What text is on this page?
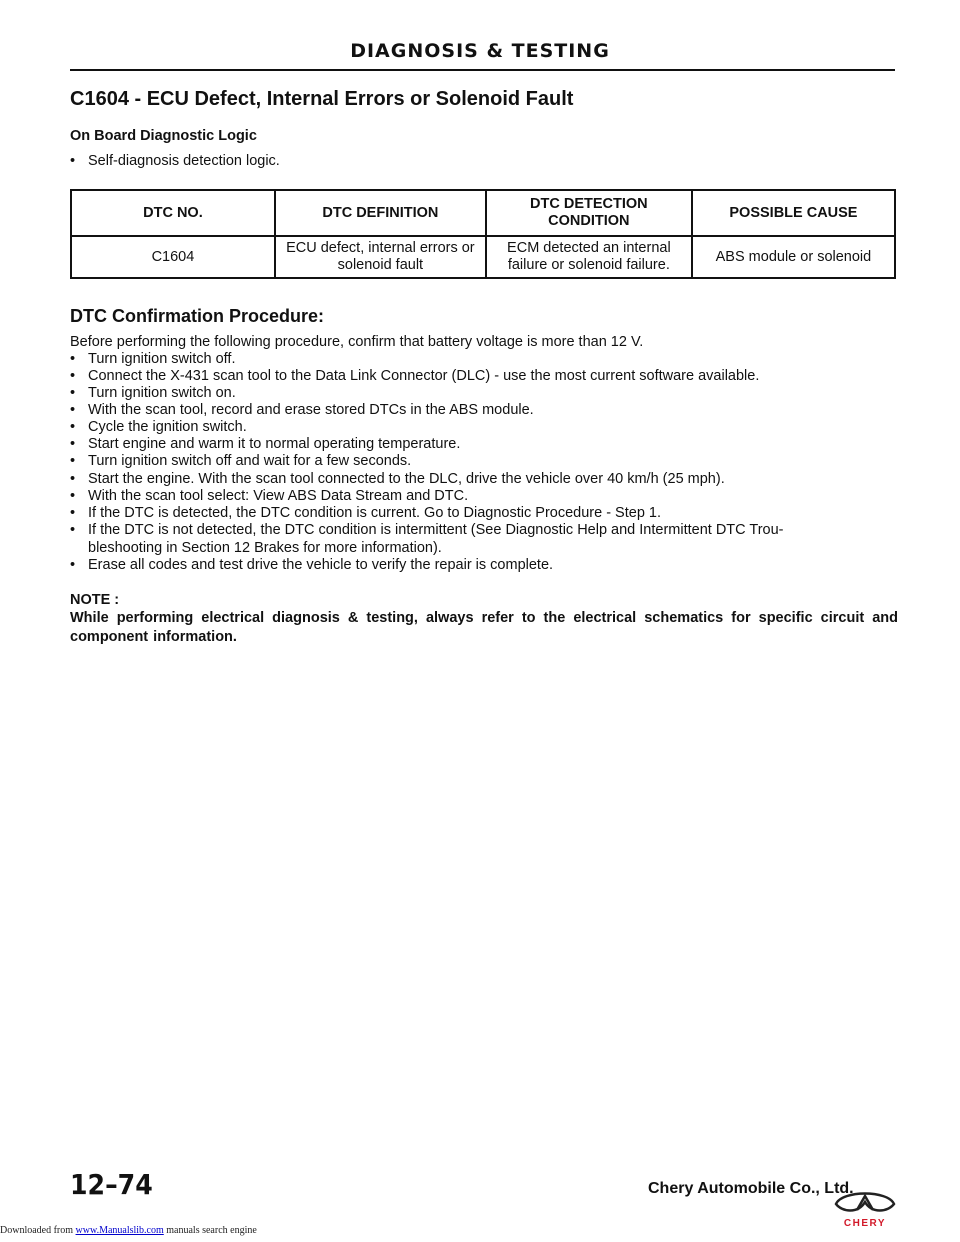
DIAGNOSIS & TESTING
C1604 - ECU Defect, Internal Errors or Solenoid Fault
On Board Diagnostic Logic
• Self-diagnosis detection logic.
DTC NO.	DTC DEFINITION	DTC DETECTION CONDITION	POSSIBLE CAUSE
C1604	ECU defect, internal errors or solenoid fault	ECM detected an internal failure or solenoid failure.	ABS module or solenoid
DTC Confirmation Procedure:
Before performing the following procedure, confirm that battery voltage is more than 12 V.
• Turn ignition switch off.
• Connect the X-431 scan tool to the Data Link Connector (DLC) - use the most current software available.
• Turn ignition switch on.
• With the scan tool, record and erase stored DTCs in the ABS module.
• Cycle the ignition switch.
• Start engine and warm it to normal operating temperature.
• Turn ignition switch off and wait for a few seconds.
• Start the engine. With the scan tool connected to the DLC, drive the vehicle over 40 km/h (25 mph).
• With the scan tool select: View ABS Data Stream and DTC.
• If the DTC is detected, the DTC condition is current. Go to Diagnostic Procedure - Step 1.
• If the DTC is not detected, the DTC condition is intermittent (See Diagnostic Help and Intermittent DTC Trou-
bleshooting in Section 12 Brakes for more information).
• Erase all codes and test drive the vehicle to verify the repair is complete.
NOTE :
While performing electrical diagnosis & testing, always refer to the electrical schematics for specific circuit and component information.
12–74	Chery Automobile Co., Ltd.
CHERY
Downloaded from www.Manualslib.com manuals search engine
